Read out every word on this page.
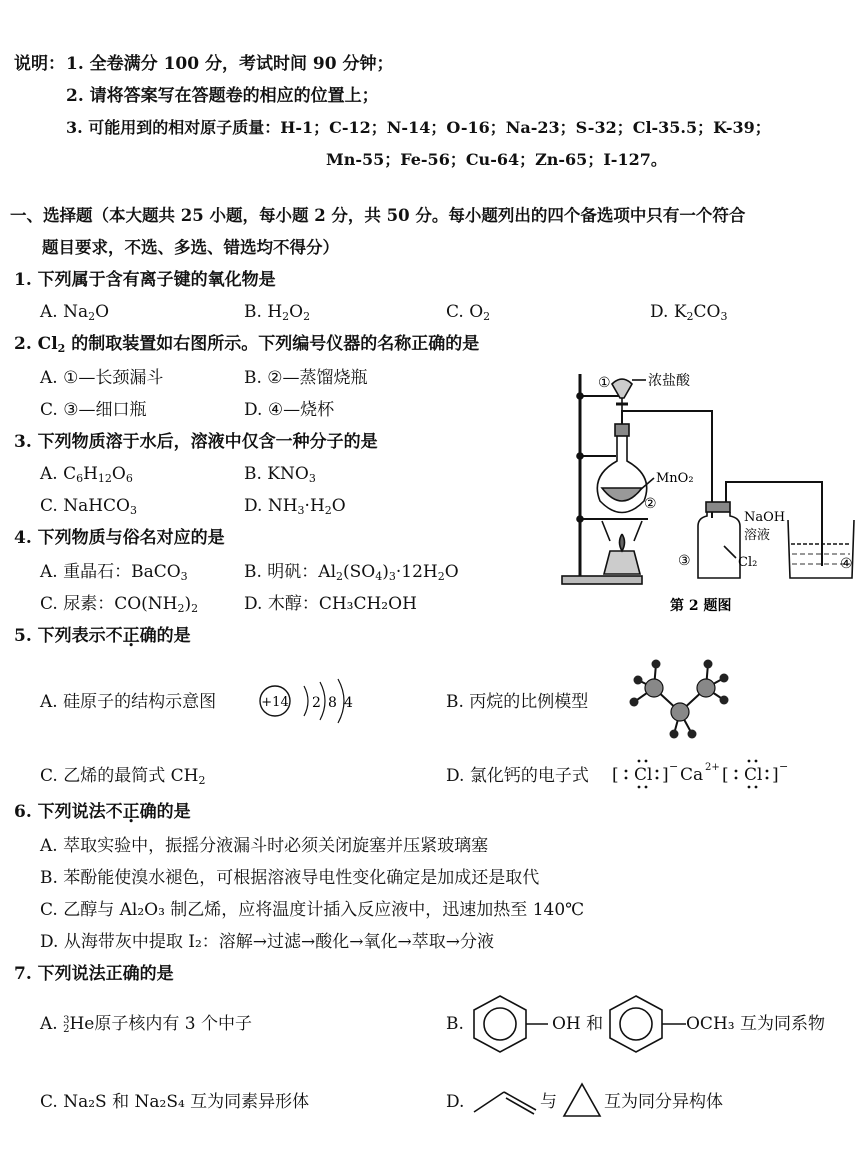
说明： 1. 全卷满分 100 分，考试时间 90 分钟；
2. 请将答案写在答题卷的相应的位置上；
3. 可能用到的相对原子质量：H-1；C-12；N-14；O-16；Na-23；S-32；Cl-35.5；K-39；
Mn-55；Fe-56；Cu-64；Zn-65；I-127。
一、选择题（本大题共 25 小题，每小题 2 分，共 50 分。每小题列出的四个备选项中只有一个符合
题目要求，不选、多选、错选均不得分）
1. 下列属于含有离子键的氧化物是
A. $Na_2O$	B. $H_2O_2$	C. $O_2$	D. $K_2CO_3$
2. $Cl_2$ 的制取装置如右图所示。下列编号仪器的名称正确的是
A. ①—长颈漏斗	B. ②—蒸馏烧瓶
C. ③—细口瓶	D. ④—烧杯
①	浓盐酸
MnO₂
②
NaOH
溶液
Cl₂
③	④
第 2 题图
3. 下列物质溶于水后，溶液中仅含一种分子的是
A. $C_6H_{12}O_6$	B. $KNO_3$
C. NaHCO$_3$	D. $NH_3\cdot H_2O$
4. 下列物质与俗名对应的是
A. 重晶石：BaCO$_3$	B. 明矾：$Al_2(SO_4)_3\cdot 12H_2O$
C. 尿素：$CO(NH_2)_2$	D. 木醇：CH₃CH₂OH
5. 下列表示不正确的是
A. 硅原子的结构示意图	+14 2 8 4	B. 丙烷的比例模型
C. 乙烯的最简式 $CH_2$	D. 氯化钙的电子式 [ Cl ] − Ca 2+ [ Cl ] −
6. 下列说法不正确的是
A. 萃取实验中，振摇分液漏斗时必须关闭旋塞并压紧玻璃塞
B. 苯酚能使溴水褪色，可根据溶液导电性变化确定是加成还是取代
C. 乙醇与 Al₂O₃ 制乙烯，应将温度计插入反应液中，迅速加热至 140℃
D. 从海带灰中提取 I₂：溶解→过滤→酸化→氧化→萃取→分液
7. 下列说法正确的是
A. 3
2He原子核内有 3 个中子	B.	OH 和	OCH₃ 互为同系物
C. Na₂S 和 Na₂S₄ 互为同素异形体	D.	与	互为同分异构体
